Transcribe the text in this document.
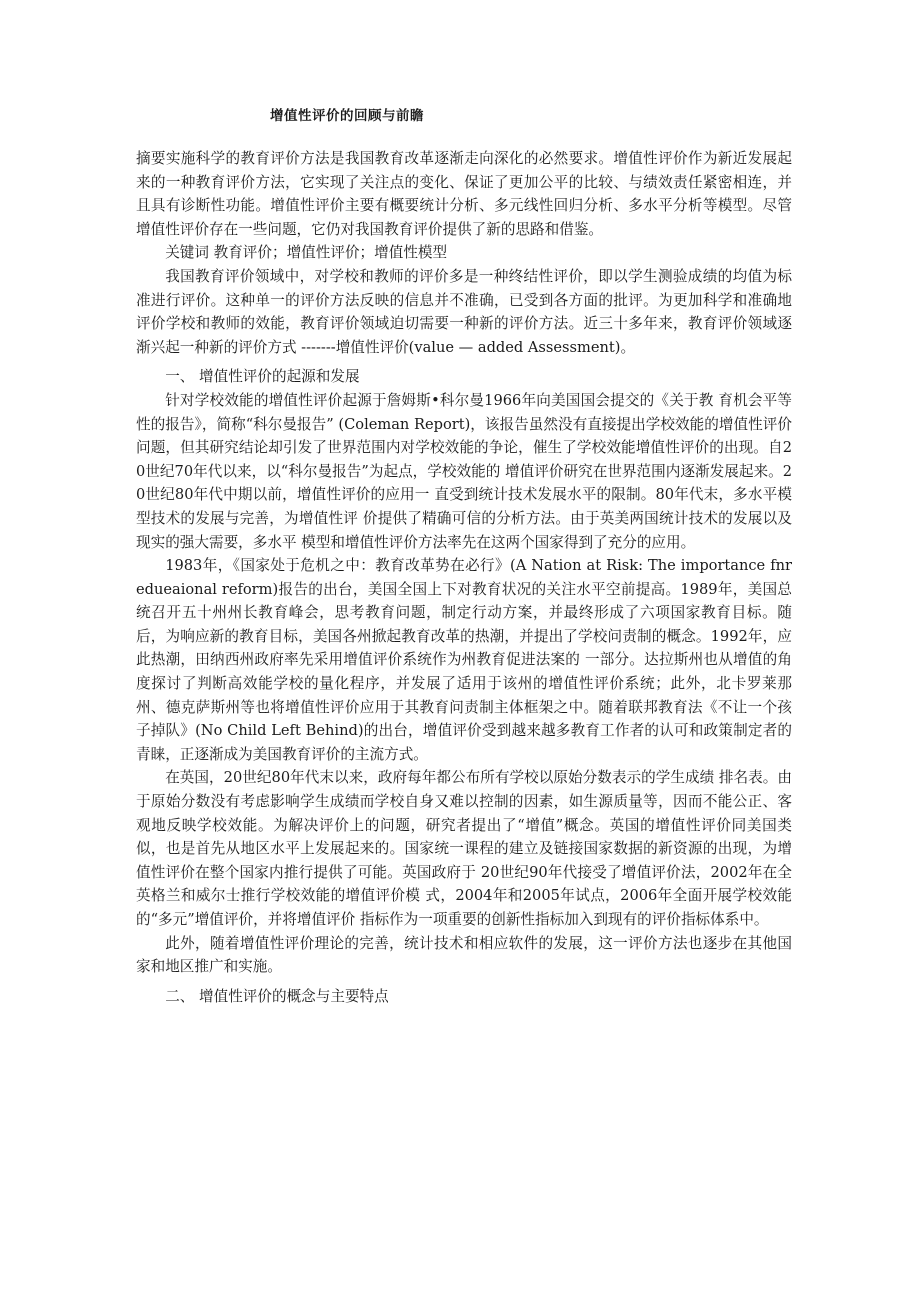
增值性评价的回顾与前瞻

摘要实施科学的教育评价方法是我国教育改革逐渐走向深化的必然要求。增值性评价作为新近发展起来的一种教育评价方法，它实现了关注点的变化、保证了更加公平的比较、与绩效责任紧密相连，并且具有诊断性功能。增值性评价主要有概要统计分析、多元线性回归分析、多水平分析等模型。尽管增值性评价存在一些问题，它仍对我国教育评价提供了新的思路和借鉴。

关键词 教育评价；增值性评价；增值性模型

我国教育评价领域中，对学校和教师的评价多是一种终结性评价，即以学生测验成绩的均值为标准进行评价。这种单一的评价方法反映的信息并不准确，已受到各方面的批评。为更加科学和准确地评价学校和教师的效能，教育评价领域迫切需要一种新的评价方法。近三十多年来，教育评价领域逐渐兴起一种新的评价方式 -------增值性评价(value — added Assessment)。

一、 增值性评价的起源和发展

针对学校效能的增值性评价起源于詹姆斯•科尔曼1966年向美国国会提交的《关于教 育机会平等性的报告》，简称“科尔曼报告” (Coleman Report)，该报告虽然没有直接提出学校效能的增值性评价问题，但其研究结论却引发了世界范围内对学校效能的争论，催生了学校效能增值性评价的出现。自20世纪70年代以来，以“科尔曼报告”为起点，学校效能的 增值评价研究在世界范围内逐渐发展起来。20世纪80年代中期以前，增值性评价的应用一 直受到统计技术发展水平的限制。80年代末，多水平模型技术的发展与完善，为增值性评 价提供了精确可信的分析方法。由于英美两国统计技术的发展以及现实的强大需要，多水平 模型和增值性评价方法率先在这两个国家得到了充分的应用。

1983年，《国家处于危机之中：教育改革势在必行》(A Nation at Risk: The importance fnr edueaional reform)报告的出台，美国全国上下对教育状况的关注水平空前提高。1989年，美国总统召开五十州州长教育峰会，思考教育问题，制定行动方案，并最终形成了六项国家教育目标。随后，为响应新的教育目标，美国各州掀起教育改革的热潮，并提出了学校问责制的概念。1992年，应此热潮，田纳西州政府率先采用增值评价系统作为州教育促进法案的 一部分。达拉斯州也从增值的角度探讨了判断高效能学校的量化程序，并发展了适用于该州的增值性评价系统；此外，北卡罗莱那州、德克萨斯州等也将增值性评价应用于其教育问责制主体框架之中。随着联邦教育法《不让一个孩子掉队》(No Child Left Behind)的出台，增值评价受到越来越多教育工作者的认可和政策制定者的青睐，正逐渐成为美国教育评价的主流方式。

在英国，20世纪80年代末以来，政府每年都公布所有学校以原始分数表示的学生成绩 排名表。由于原始分数没有考虑影响学生成绩而学校自身又难以控制的因素，如生源质量等，因而不能公正、客观地反映学校效能。为解决评价上的问题，研究者提出了“增值”概念。英国的增值性评价同美国类似，也是首先从地区水平上发展起来的。国家统一课程的建立及链接国家数据的新资源的出现，为增值性评价在整个国家内推行提供了可能。英国政府于 20世纪90年代接受了增值评价法，2002年在全英格兰和威尔士推行学校效能的增值评价模 式，2004年和2005年试点，2006年全面开展学校效能的“多元”增值评价，并将增值评价 指标作为一项重要的创新性指标加入到现有的评价指标体系中。

此外，随着增值性评价理论的完善，统计技术和相应软件的发展，这一评价方法也逐步在其他国家和地区推广和实施。

二、 增值性评价的概念与主要特点
